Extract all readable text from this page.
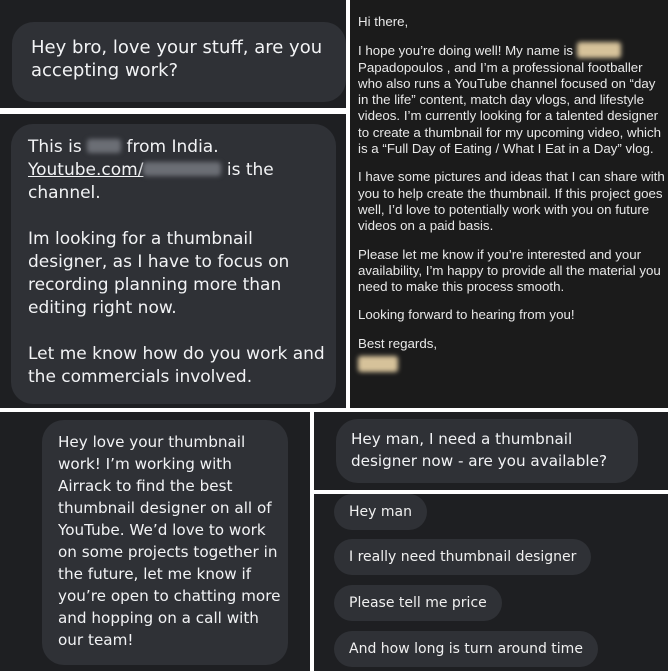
Hey bro, love your stuff, are you accepting work?

This is  from India.

Youtube.com/	is the

channel.

Im looking for a thumbnail designer, as I have to focus on recording planning more than editing right now.

Let me know how do you work and the commercials involved.

Hi there,

I hope you’re doing well! My name is  Papadopoulos , and I’m a professional footballer who also runs a YouTube channel focused on “day in the life” content, match day vlogs, and lifestyle videos. I’m currently looking for a talented designer to create a thumbnail for my upcoming video, which is a “Full Day of Eating / What I Eat in a Day” vlog.

I have some pictures and ideas that I can share with you to help create the thumbnail. If this project goes well, I’d love to potentially work with you on future videos on a paid basis.

Please let me know if you’re interested and your availability, I’m happy to provide all the material you need to make this process smooth.

Looking forward to hearing from you!

Best regards,

Hey love your thumbnail work! I’m working with Airrack to find the best thumbnail designer on all of YouTube. We’d love to work on some projects together in the future, let me know if you’re open to chatting more and hopping on a call with our team!

Hey man, I need a thumbnail designer now - are you available?

Hey man
I really need thumbnail designer
Please tell me price
And how long is turn around time
